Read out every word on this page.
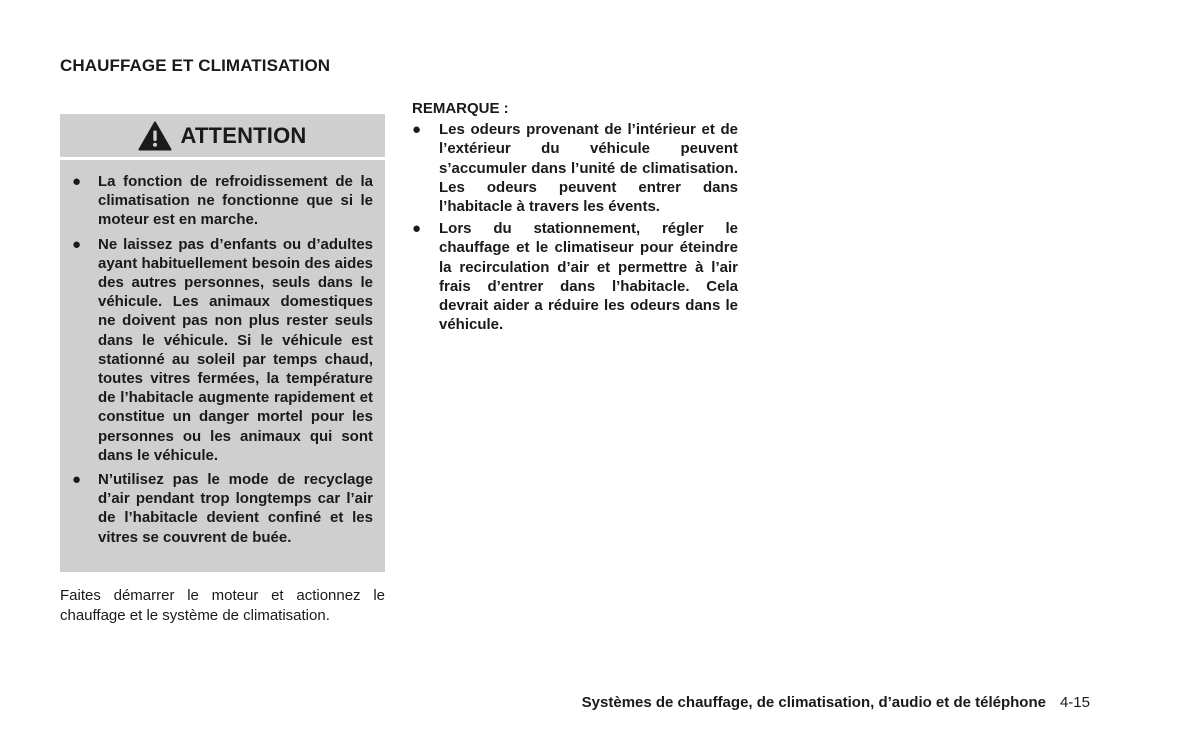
CHAUFFAGE ET CLIMATISATION
ATTENTION
● La fonction de refroidissement de la climatisation ne fonctionne que si le moteur est en marche.
● Ne laissez pas d’enfants ou d’adultes ayant habituellement besoin des aides des autres personnes, seuls dans le véhicule. Les animaux domestiques ne doivent pas non plus rester seuls dans le véhicule. Si le véhicule est stationné au soleil par temps chaud, toutes vitres fermées, la température de l’habitacle augmente rapidement et constitue un danger mortel pour les personnes ou les animaux qui sont dans le véhicule.
● N’utilisez pas le mode de recyclage d’air pendant trop longtemps car l’air de l’habitacle devient confiné et les vitres se couvrent de buée.

Faites démarrer le moteur et actionnez le chauffage et le système de climatisation.

REMARQUE :

● Les odeurs provenant de l’intérieur et de l’extérieur du véhicule peuvent s’accumuler dans l’unité de climatisation. Les odeurs peuvent entrer dans l’habitacle à travers les évents.
● Lors du stationnement, régler le chauffage et le climatiseur pour éteindre la recirculation d’air et permettre à l’air frais d’entrer dans l’habitacle. Cela devrait aider a réduire les odeurs dans le véhicule.
Systèmes de chauffage, de climatisation, d’audio et de téléphone 4-15
